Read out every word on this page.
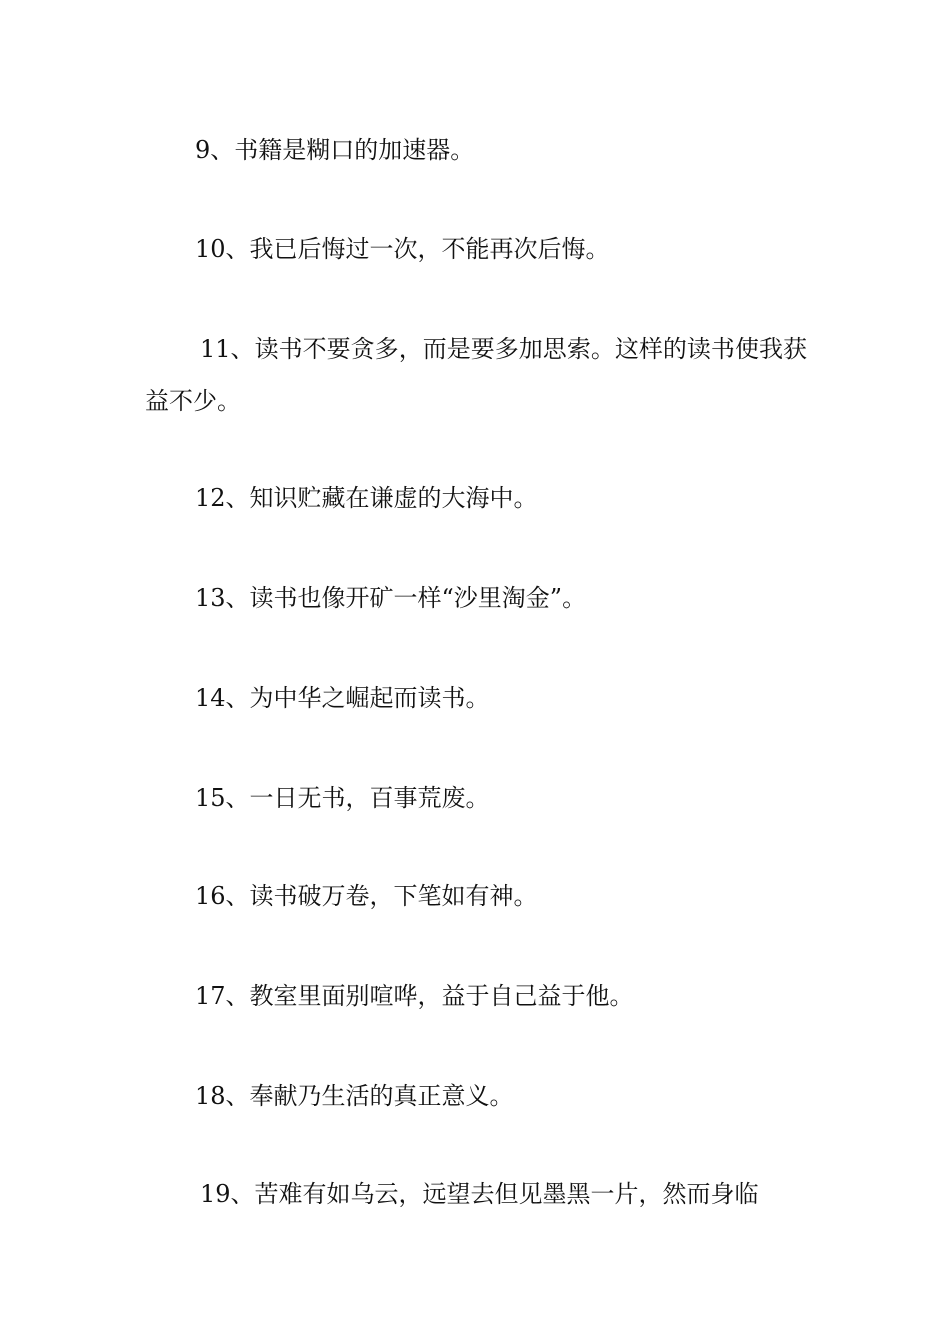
9、书籍是糊口的加速器。

10、我已后悔过一次，不能再次后悔。

11、读书不要贪多，而是要多加思索。这样的读书使我获益不少。

12、知识贮藏在谦虚的大海中。

13、读书也像开矿一样“沙里淘金”。

14、为中华之崛起而读书。

15、一日无书，百事荒废。

16、读书破万卷，下笔如有神。

17、教室里面别喧哗，益于自己益于他。

18、奉献乃生活的真正意义。

19、苦难有如乌云，远望去但见墨黑一片，然而身临
